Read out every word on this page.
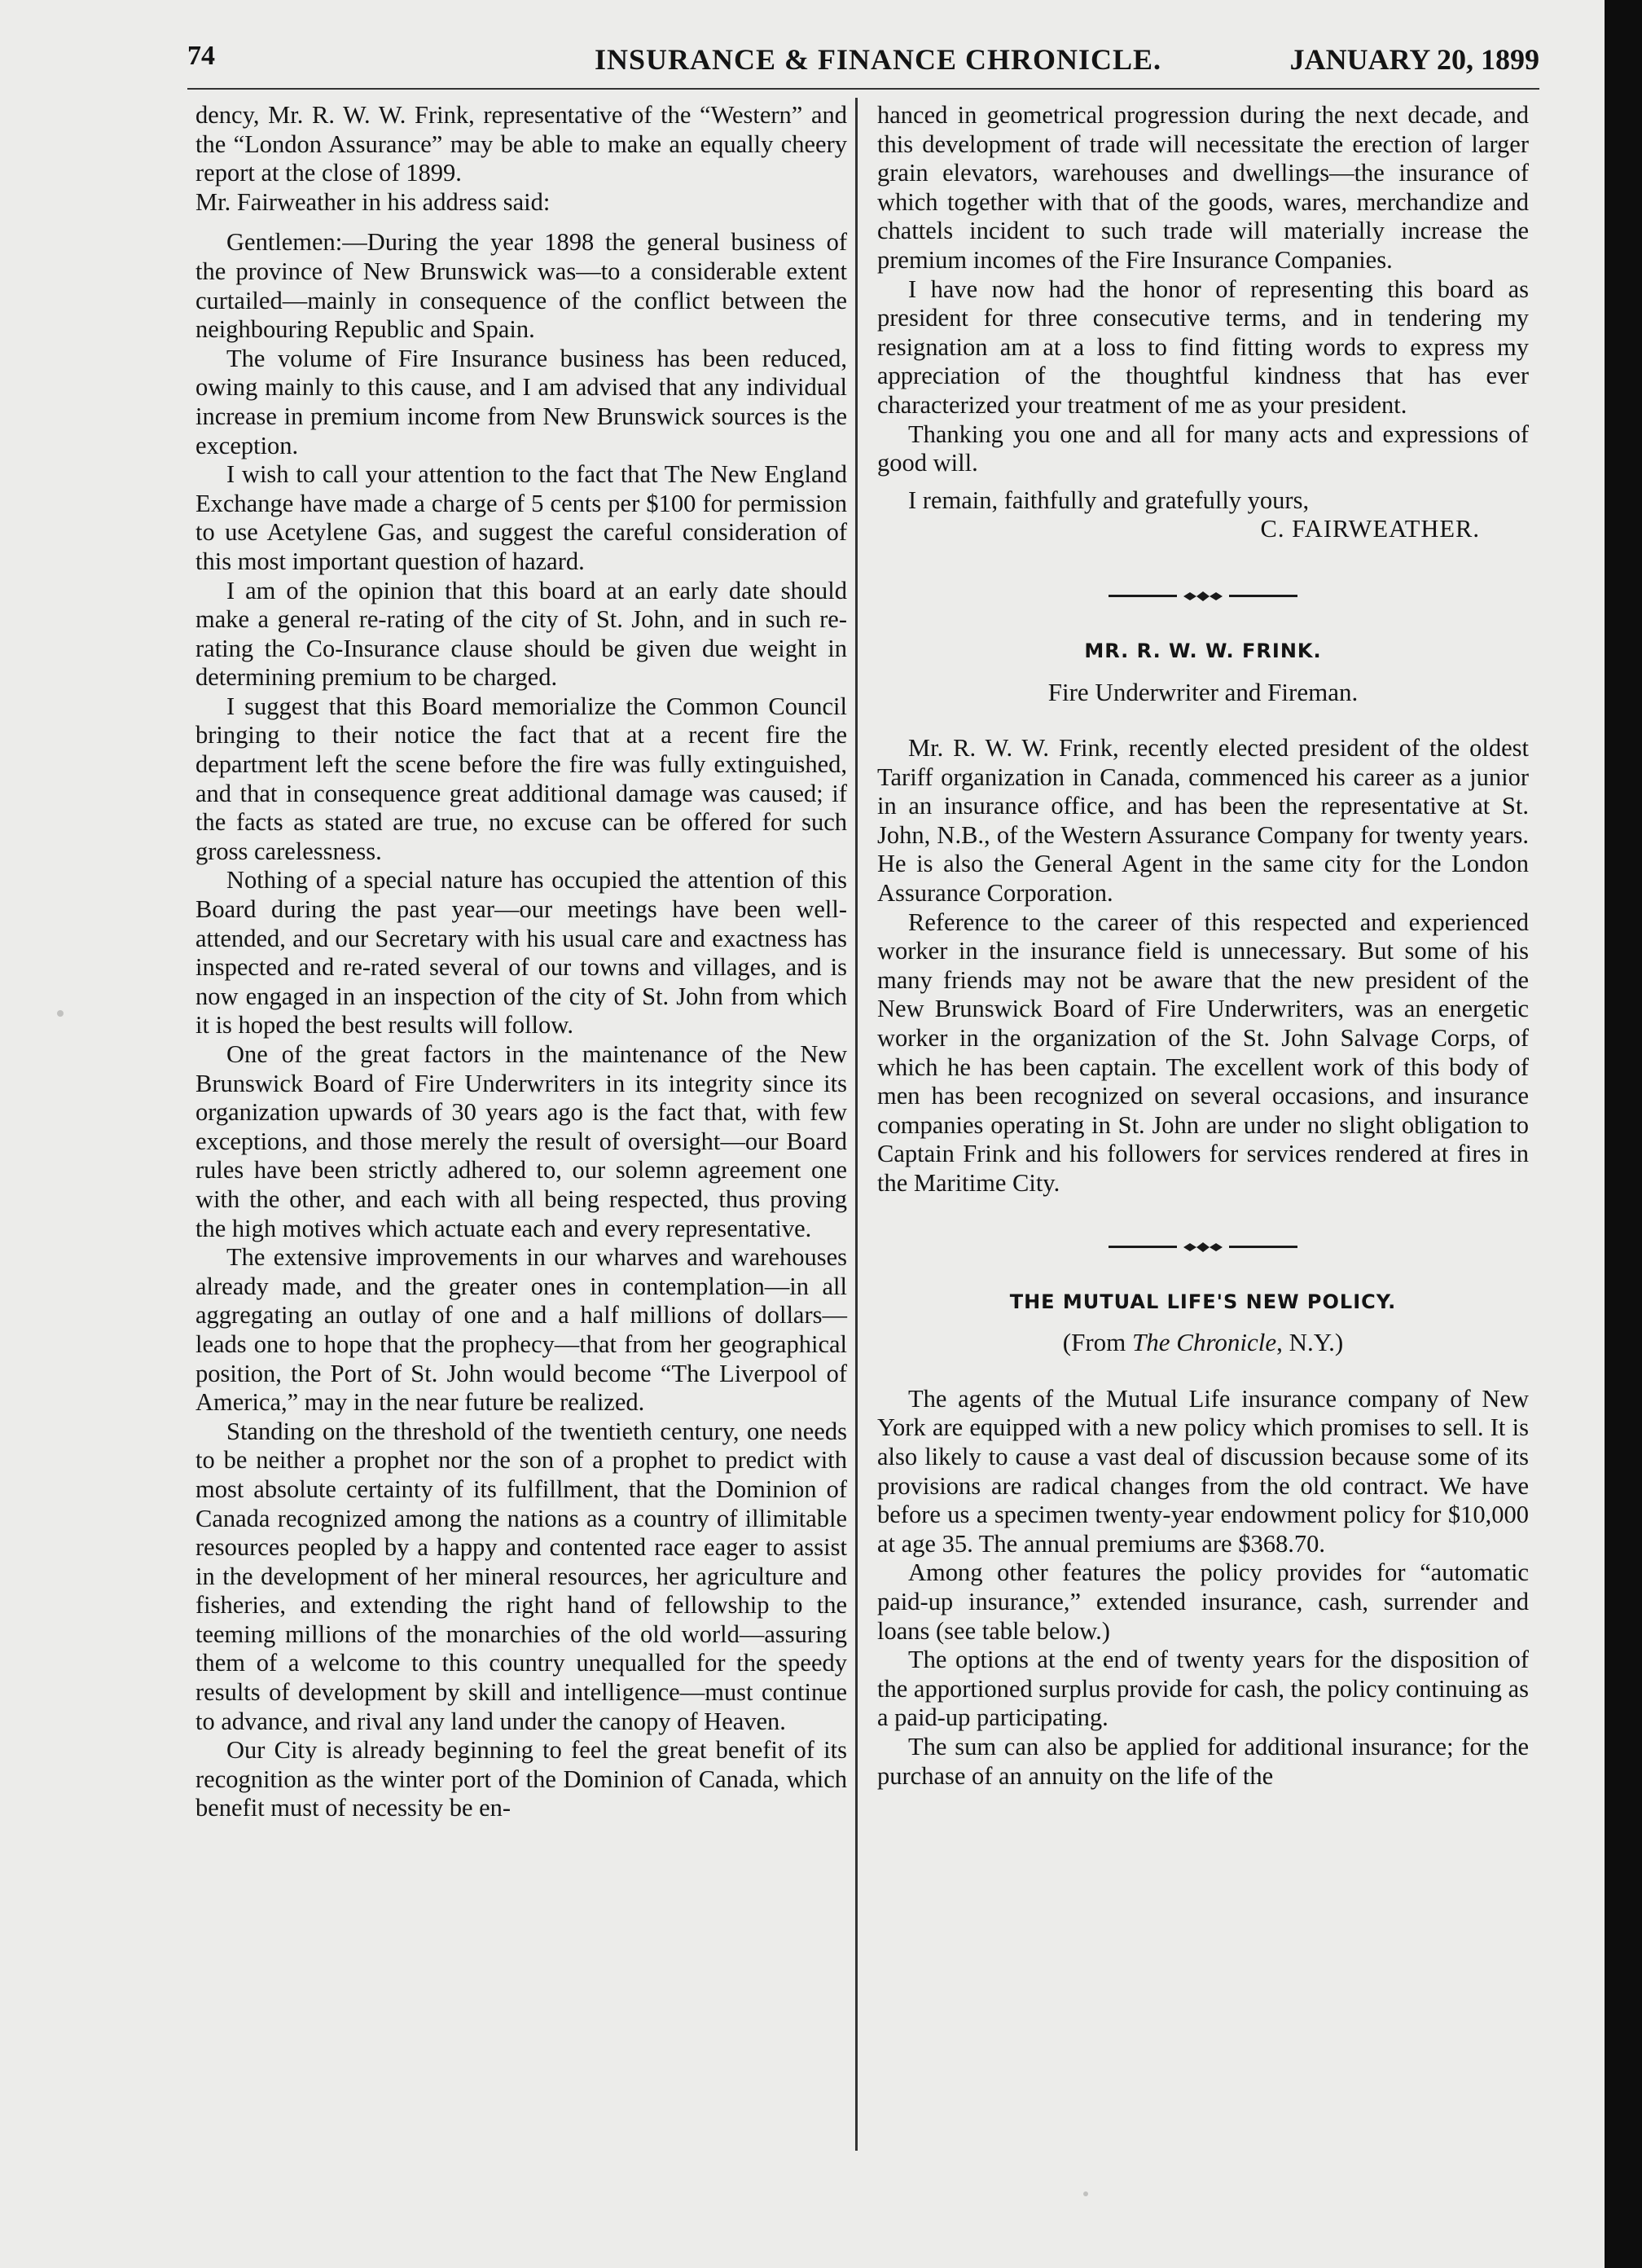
74	INSURANCE & FINANCE CHRONICLE.	JANUARY 20, 1899

dency, Mr. R. W. W. Frink, representative of the “Western” and the “London Assurance” may be able to make an equally cheery report at the close of 1899.

Mr. Fairweather in his address said:

Gentlemen:—During the year 1898 the general business of the province of New Brunswick was—to a considerable extent curtailed—mainly in consequence of the conflict between the neighbouring Republic and Spain.

The volume of Fire Insurance business has been reduced, owing mainly to this cause, and I am advised that any individual increase in premium income from New Brunswick sources is the exception.

I wish to call your attention to the fact that The New England Exchange have made a charge of 5 cents per $100 for permission to use Acetylene Gas, and suggest the careful consideration of this most important question of hazard.

I am of the opinion that this board at an early date should make a general re-rating of the city of St. John, and in such re-rating the Co-Insurance clause should be given due weight in determining premium to be charged.

I suggest that this Board memorialize the Common Council bringing to their notice the fact that at a recent fire the department left the scene before the fire was fully extinguished, and that in consequence great additional damage was caused; if the facts as stated are true, no excuse can be offered for such gross carelessness.

Nothing of a special nature has occupied the attention of this Board during the past year—our meetings have been well-attended, and our Secretary with his usual care and exactness has inspected and re-rated several of our towns and villages, and is now engaged in an inspection of the city of St. John from which it is hoped the best results will follow.

One of the great factors in the maintenance of the New Brunswick Board of Fire Underwriters in its integrity since its organization upwards of 30 years ago is the fact that, with few exceptions, and those merely the result of oversight—our Board rules have been strictly adhered to, our solemn agreement one with the other, and each with all being respected, thus proving the high motives which actuate each and every representative.

The extensive improvements in our wharves and warehouses already made, and the greater ones in contemplation—in all aggregating an outlay of one and a half millions of dollars—leads one to hope that the prophecy—that from her geographical position, the Port of St. John would become “The Liverpool of America,” may in the near future be realized.

Standing on the threshold of the twentieth century, one needs to be neither a prophet nor the son of a prophet to predict with most absolute certainty of its fulfillment, that the Dominion of Canada recognized among the nations as a country of illimitable resources peopled by a happy and contented race eager to assist in the development of her mineral resources, her agriculture and fisheries, and extending the right hand of fellowship to the teeming millions of the monarchies of the old world—assuring them of a welcome to this country unequalled for the speedy results of development by skill and intelligence—must continue to advance, and rival any land under the canopy of Heaven.

Our City is already beginning to feel the great benefit of its recognition as the winter port of the Dominion of Canada, which benefit must of necessity be en-

hanced in geometrical progression during the next decade, and this development of trade will necessitate the erection of larger grain elevators, warehouses and dwellings—the insurance of which together with that of the goods, wares, merchandize and chattels incident to such trade will materially increase the premium incomes of the Fire Insurance Companies.

I have now had the honor of representing this board as president for three consecutive terms, and in tendering my resignation am at a loss to find fitting words to express my appreciation of the thoughtful kindness that has ever characterized your treatment of me as your president.

Thanking you one and all for many acts and expressions of good will.

I remain, faithfully and gratefully yours,

C. FAIRWEATHER.

MR. R. W. W. FRINK.
Fire Underwriter and Fireman.

Mr. R. W. W. Frink, recently elected president of the oldest Tariff organization in Canada, commenced his career as a junior in an insurance office, and has been the representative at St. John, N.B., of the Western Assurance Company for twenty years. He is also the General Agent in the same city for the London Assurance Corporation.

Reference to the career of this respected and experienced worker in the insurance field is unnecessary. But some of his many friends may not be aware that the new president of the New Brunswick Board of Fire Underwriters, was an energetic worker in the organization of the St. John Salvage Corps, of which he has been captain. The excellent work of this body of men has been recognized on several occasions, and insurance companies operating in St. John are under no slight obligation to Captain Frink and his followers for services rendered at fires in the Maritime City.

THE MUTUAL LIFE'S NEW POLICY.
(From The Chronicle, N.Y.)

The agents of the Mutual Life insurance company of New York are equipped with a new policy which promises to sell. It is also likely to cause a vast deal of discussion because some of its provisions are radical changes from the old contract. We have before us a specimen twenty-year endowment policy for $10,000 at age 35. The annual premiums are $368.70.

Among other features the policy provides for “automatic paid-up insurance,” extended insurance, cash, surrender and loans (see table below.)

The options at the end of twenty years for the disposition of the apportioned surplus provide for cash, the policy continuing as a paid-up participating.

The sum can also be applied for additional insurance; for the purchase of an annuity on the life of the
